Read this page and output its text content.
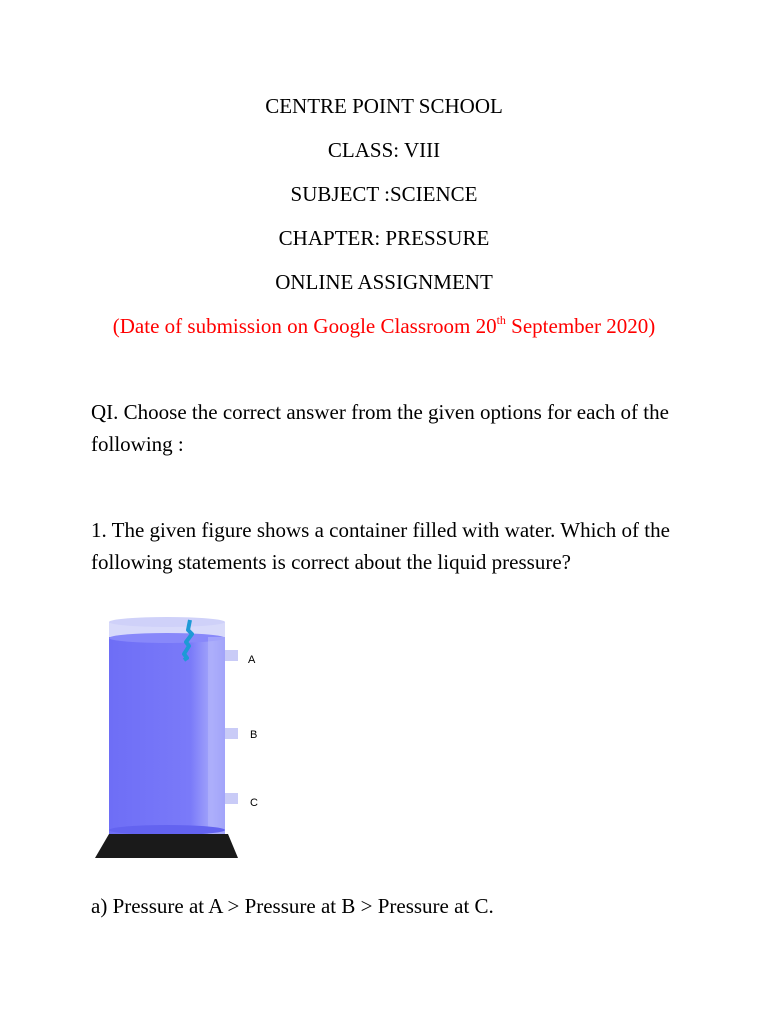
CENTRE POINT SCHOOL
CLASS: VIII
SUBJECT :SCIENCE
CHAPTER: PRESSURE
ONLINE ASSIGNMENT
(Date of submission on Google Classroom 20th September 2020)
QI. Choose the correct answer from the given options for each of the following :
1. The given figure shows a container filled with water. Which of the following statements is correct about the liquid pressure?
A
B
C
a) Pressure at A > Pressure at B > Pressure at C.
